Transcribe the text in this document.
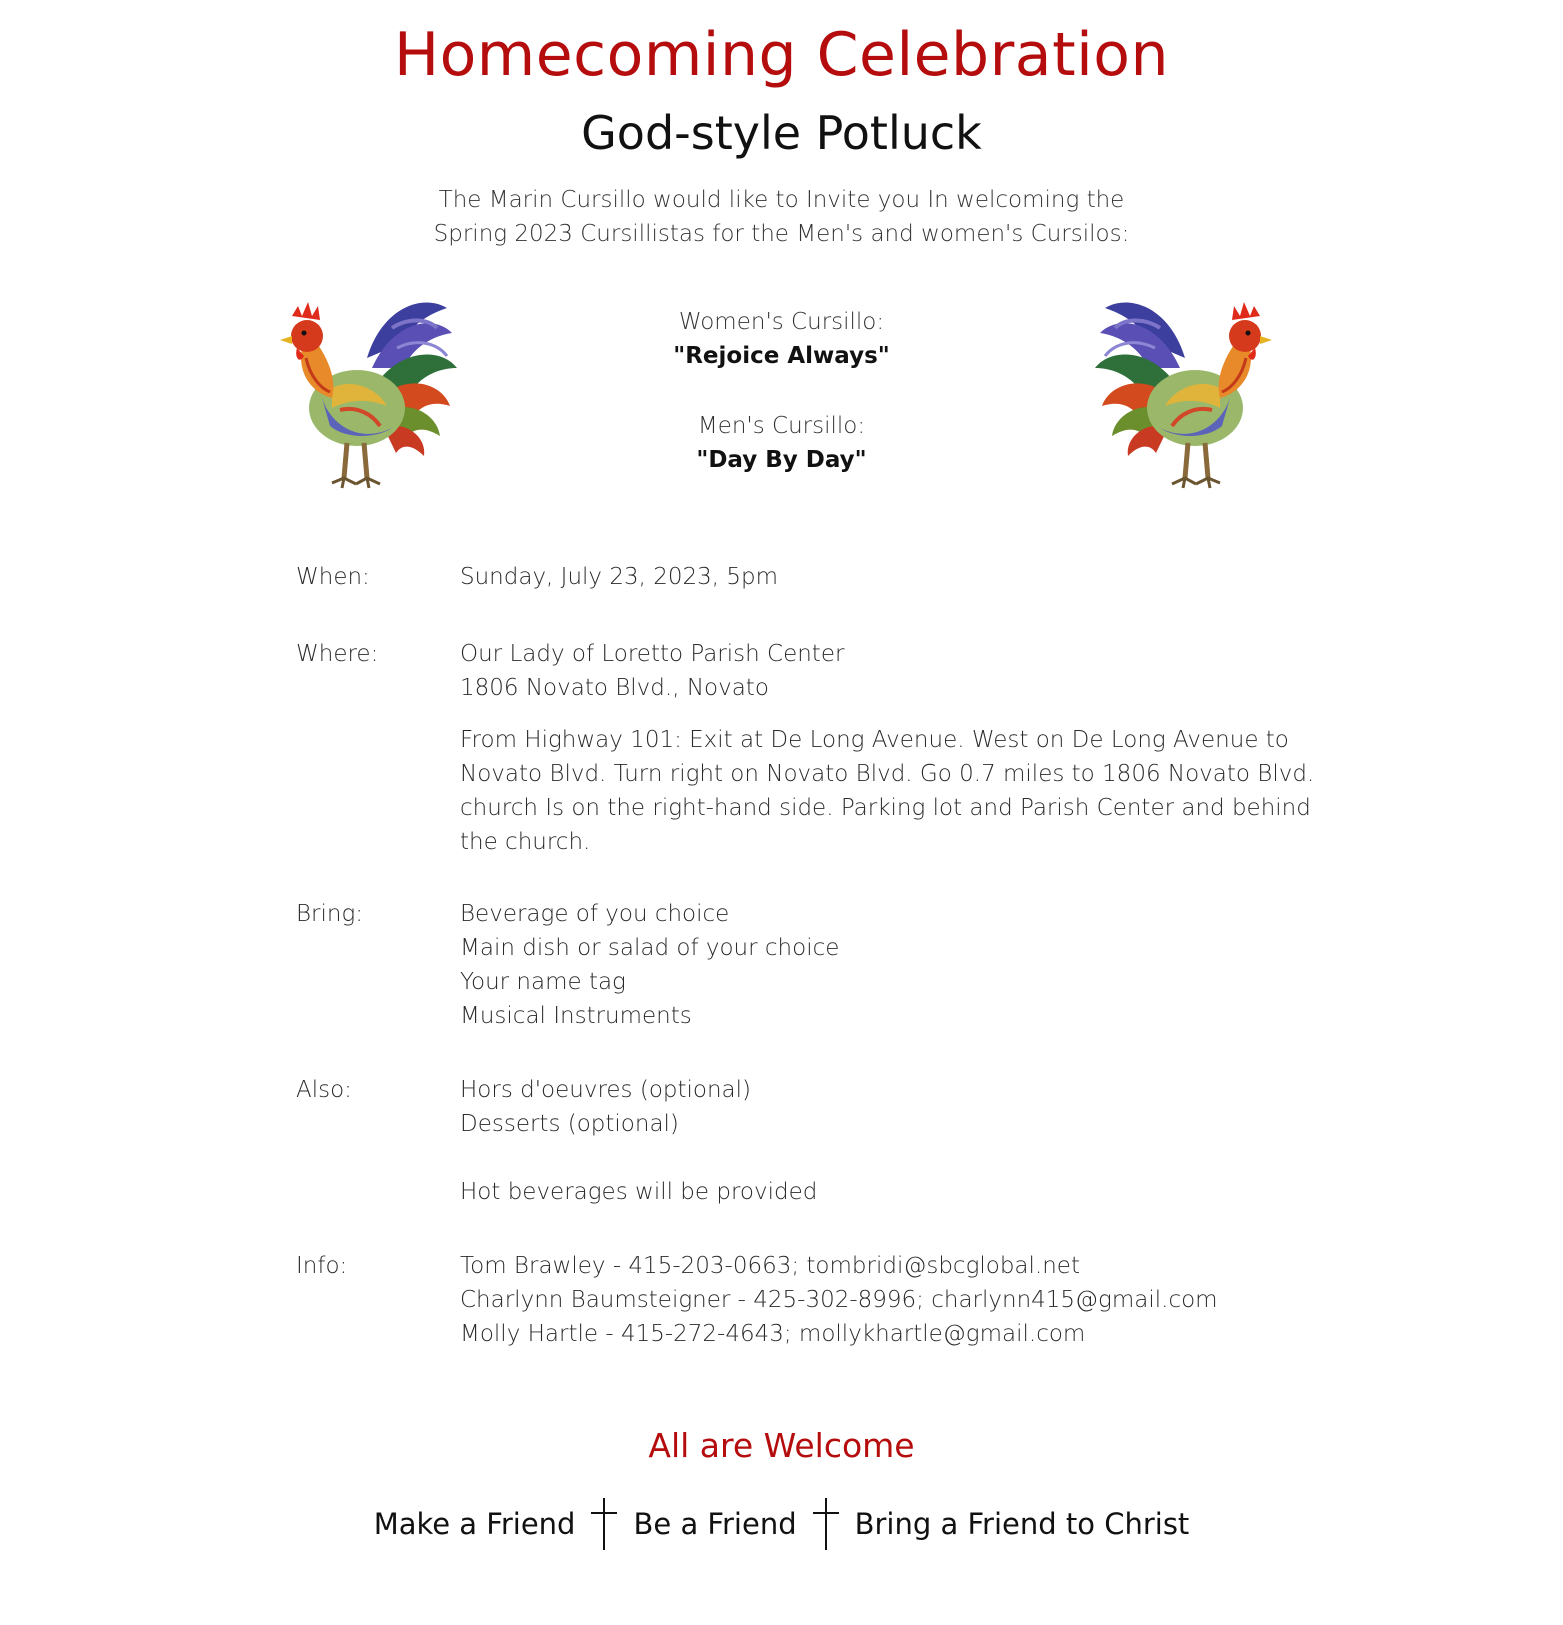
Homecoming Celebration
God-style Potluck
The Marin Cursillo would like to Invite you In welcoming the
Spring 2023 Cursillistas for the Men's and women's Cursilos:
Women's Cursillo:
"Rejoice Always"
Men's Cursillo:
"Day By Day"
When:	Sunday, July 23, 2023, 5pm
Where:	Our Lady of Loretto Parish Center
1806 Novato Blvd., Novato
From Highway 101: Exit at De Long Avenue. West on De Long Avenue to Novato Blvd. Turn right on Novato Blvd. Go 0.7 miles to 1806 Novato Blvd. church Is on the right-hand side. Parking lot and Parish Center and behind the church.
Bring:	Beverage of you choice
Main dish or salad of your choice
Your name tag
Musical Instruments
Also:	Hors d'oeuvres (optional)
Desserts (optional)
Hot beverages will be provided
Info:	Tom Brawley - 415-203-0663; tombridi@sbcglobal.net
Charlynn Baumsteigner - 425-302-8996; charlynn415@gmail.com
Molly Hartle - 415-272-4643; mollykhartle@gmail.com
All are Welcome
Make a Friend Be a Friend Bring a Friend to Christ
